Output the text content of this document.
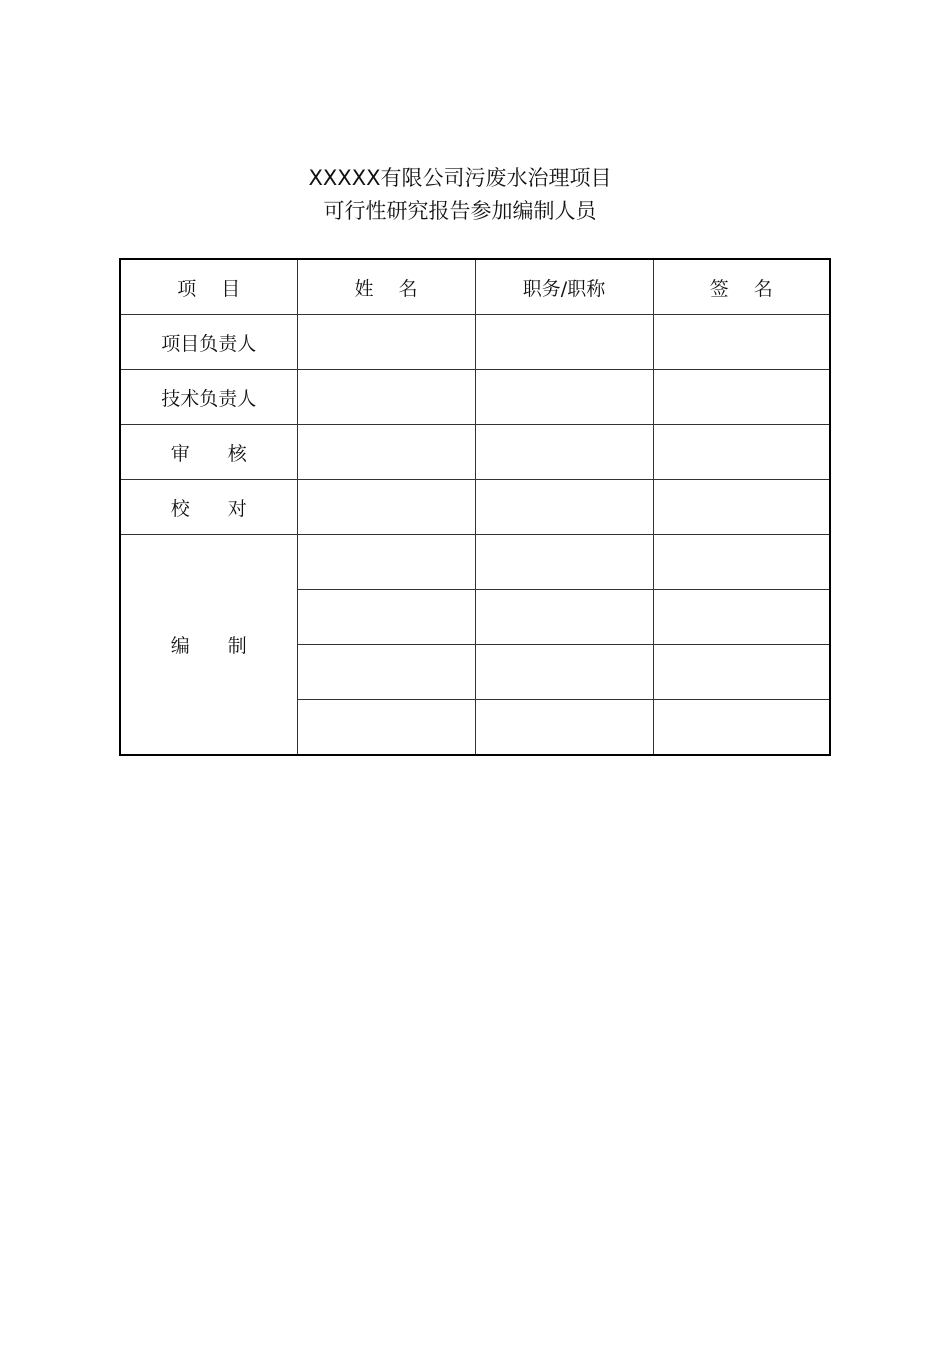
XXXXX有限公司污废水治理项目
可行性研究报告参加编制人员
项　 目	姓　 名	职务/职称	签　 名
项目负责人			
技术负责人			
审　　核			
校　　对			
编　　制			
